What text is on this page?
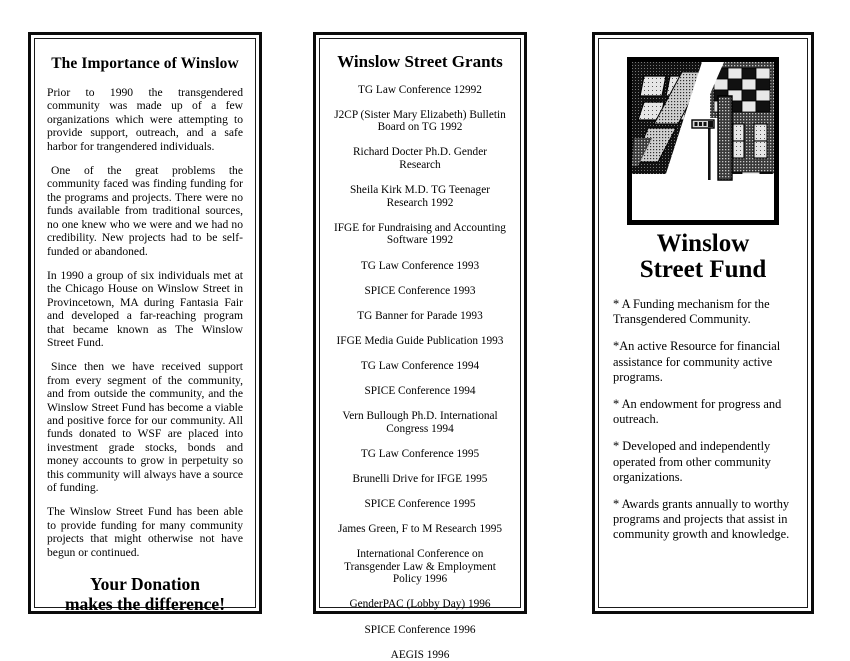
The Importance of Winslow

Prior to 1990 the transgendered community was made up of a few organizations which were attempting to provide support, outreach, and a safe harbor for trangendered individuals.

One of the great problems the community faced was finding funding for the programs and projects. There were no funds available from traditional sources, no one knew who we were and we had no credibility. New projects had to be self-funded or abandoned.

In 1990 a group of six individuals met at the Chicago House on Winslow Street in Provincetown, MA during Fantasia Fair and developed a far-reaching program that became known as The Winslow Street Fund.

Since then we have received support from every segment of the community, and from outside the community, and the Winslow Street Fund has become a viable and positive force for our community. All funds donated to WSF are placed into investment grade stocks, bonds and money accounts to grow in perpetuity so this community will always have a source of funding.

The Winslow Street Fund has been able to provide funding for many community projects that might otherwise not have begun or continued.

Your Donation
makes the difference!
Winslow Street Grants
TG Law Conference 12992
J2CP (Sister Mary Elizabeth) Bulletin Board on TG 1992
Richard Docter Ph.D. Gender Research
Sheila Kirk M.D. TG Teenager Research 1992
IFGE for Fundraising and Accounting Software 1992
TG Law Conference 1993
SPICE Conference 1993
TG Banner for Parade 1993
IFGE Media Guide Publication 1993
TG Law Conference 1994
SPICE Conference 1994
Vern Bullough Ph.D. International Congress 1994
TG Law Conference 1995
Brunelli Drive for IFGE 1995
SPICE Conference 1995
James Green, F to M Research 1995
International Conference on Transgender Law & Employment Policy 1996
GenderPAC (Lobby Day) 1996
SPICE Conference 1996
AEGIS 1996
Winslow
Street Fund

* A Funding mechanism for the Transgendered Community.

*An active Resource for financial assistance for community active programs.

* An endowment for progress and outreach.

* Developed and independently operated from other community organizations.

* Awards grants annually to worthy programs and projects that assist in community growth and knowledge.
